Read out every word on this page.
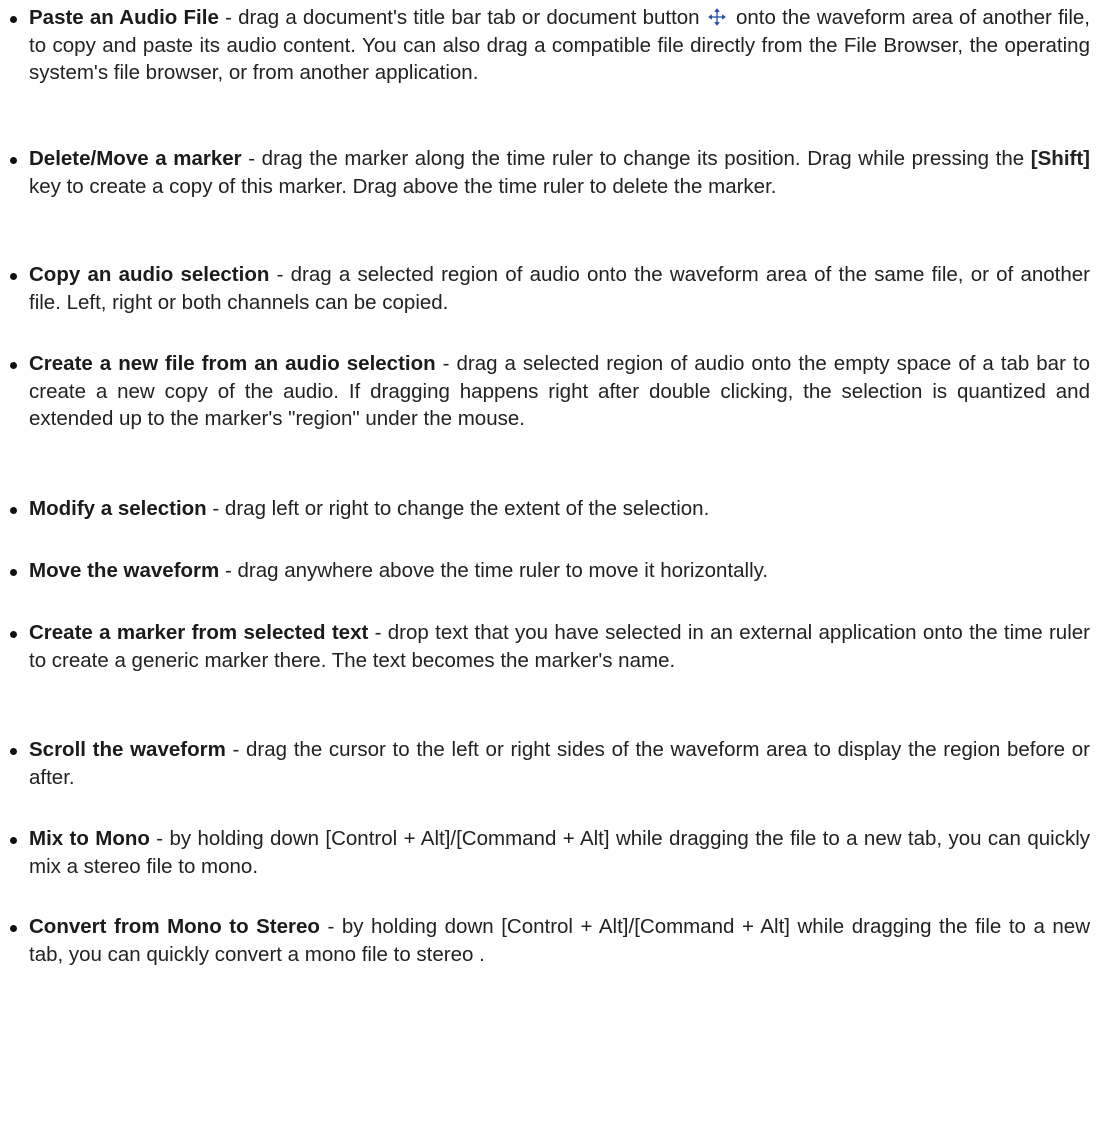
Paste an Audio File - drag a document's title bar tab or document button  onto the waveform area of another file, to copy and paste its audio content. You can also drag a compatible file directly from the File Browser, the operating system's file browser, or from another application.
Delete/Move a marker - drag the marker along the time ruler to change its position. Drag while pressing the [Shift] key to create a copy of this marker. Drag above the time ruler to delete the marker.
Copy an audio selection - drag a selected region of audio onto the waveform area of the same file, or of another file. Left, right or both channels can be copied.
Create a new file from an audio selection - drag a selected region of audio onto the empty space of a tab bar to create a new copy of the audio. If dragging happens right after double clicking, the selection is quantized and extended up to the marker's "region" under the mouse.
Modify a selection - drag left or right to change the extent of the selection.
Move the waveform - drag anywhere above the time ruler to move it horizontally.
Create a marker from selected text - drop text that you have selected in an external application onto the time ruler to create a generic marker there. The text becomes the marker's name.
Scroll the waveform - drag the cursor to the left or right sides of the waveform area to display the region before or after.
Mix to Mono - by holding down [Control + Alt]/[Command + Alt] while dragging the file to a new tab, you can quickly mix a stereo file to mono.
Convert from Mono to Stereo - by holding down [Control + Alt]/[Command + Alt] while dragging the file to a new tab, you can quickly convert a mono file to stereo .
